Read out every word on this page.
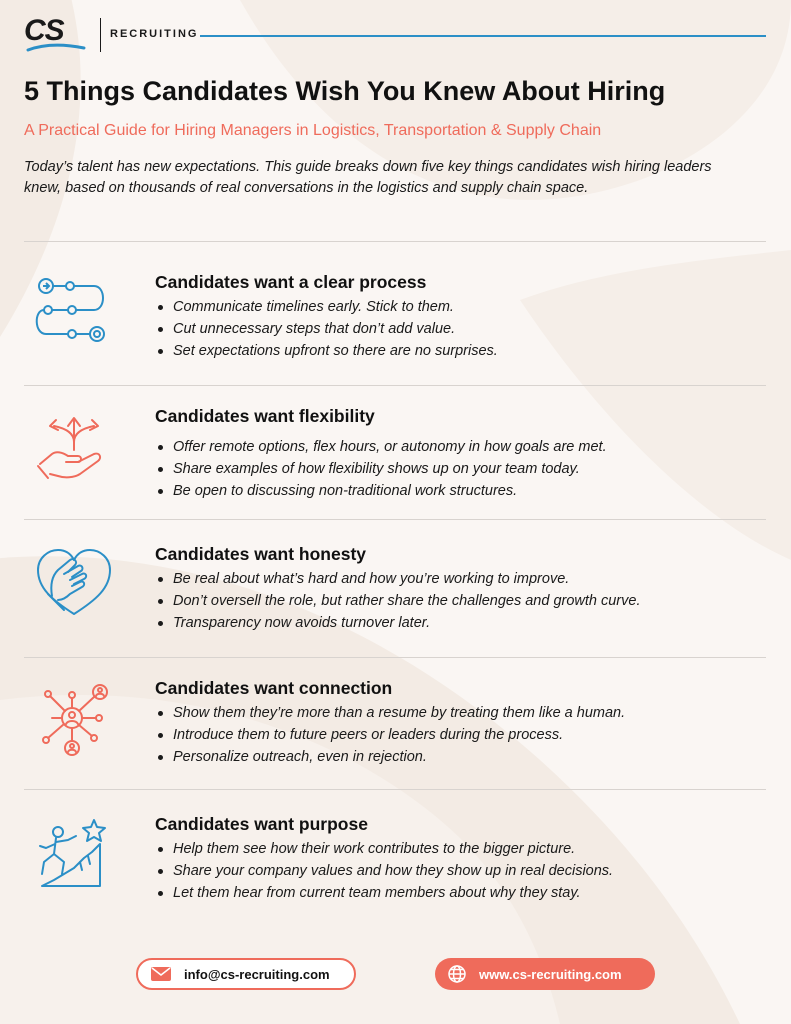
CS	RECRUITING
5 Things Candidates Wish You Knew About Hiring

A Practical Guide for Hiring Managers in Logistics, Transportation & Supply Chain

Today’s talent has new expectations. This guide breaks down five key things candidates wish hiring leaders knew, based on thousands of real conversations in the logistics and supply chain space.

Candidates want a clear process
Communicate timelines early. Stick to them.
Cut unnecessary steps that don’t add value.
Set expectations upfront so there are no surprises.
Candidates want flexibility
Offer remote options, flex hours, or autonomy in how goals are met.
Share examples of how flexibility shows up on your team today.
Be open to discussing non-traditional work structures.
Candidates want honesty
Be real about what’s hard and how you’re working to improve.
Don’t oversell the role, but rather share the challenges and growth curve.
Transparency now avoids turnover later.
Candidates want connection
Show them they’re more than a resume by treating them like a human.
Introduce them to future peers or leaders during the process.
Personalize outreach, even in rejection.
Candidates want purpose
Help them see how their work contributes to the bigger picture.
Share your company values and how they show up in real decisions.
Let them hear from current team members about why they stay.
info@cs-recruiting.com	www.cs-recruiting.com
